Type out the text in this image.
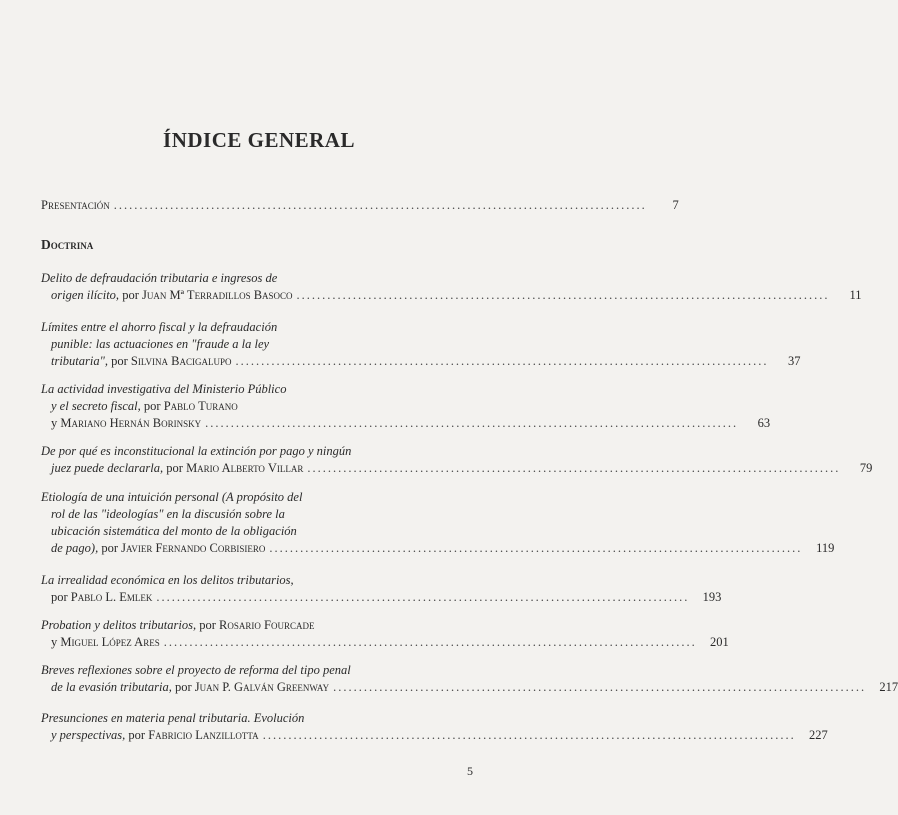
ÍNDICE GENERAL
Presentación ........................................................................................................	7
Doctrina
Delito de defraudación tributaria e ingresos de
origen ilícito,
por
Juan Mª Terradillos Basoco ........................................................................................................	11
Límites entre el ahorro fiscal y la defraudación
punible: las actuaciones en "fraude a la ley
tributaria",
por
Silvina Bacigalupo ........................................................................................................	37
La actividad investigativa del Ministerio Público
y el secreto fiscal,
por
Pablo Turano
y
Mariano Hernán Borinsky ........................................................................................................	63
De por qué es inconstitucional la extinción por pago y ningún
juez puede declararla,
por
Mario Alberto Villar ........................................................................................................	79
Etiología de una intuición personal (A propósito del
rol de las "ideologías" en la discusión sobre la
ubicación sistemática del monto de la obligación
de pago),
por
Javier Fernando Corbisiero ........................................................................................................	119
La irrealidad económica en los delitos tributarios,
por
Pablo L. Emlek ........................................................................................................	193
Probation y delitos tributarios,
por
Rosario Fourcade
y
Miguel López Ares ........................................................................................................	201
Breves reflexiones sobre el proyecto de reforma del tipo penal
de la evasión tributaria,
por
Juan P. Galván Greenway ........................................................................................................	217
Presunciones en materia penal tributaria. Evolución
y perspectivas,
por
Fabricio Lanzillotta ........................................................................................................	227
5
